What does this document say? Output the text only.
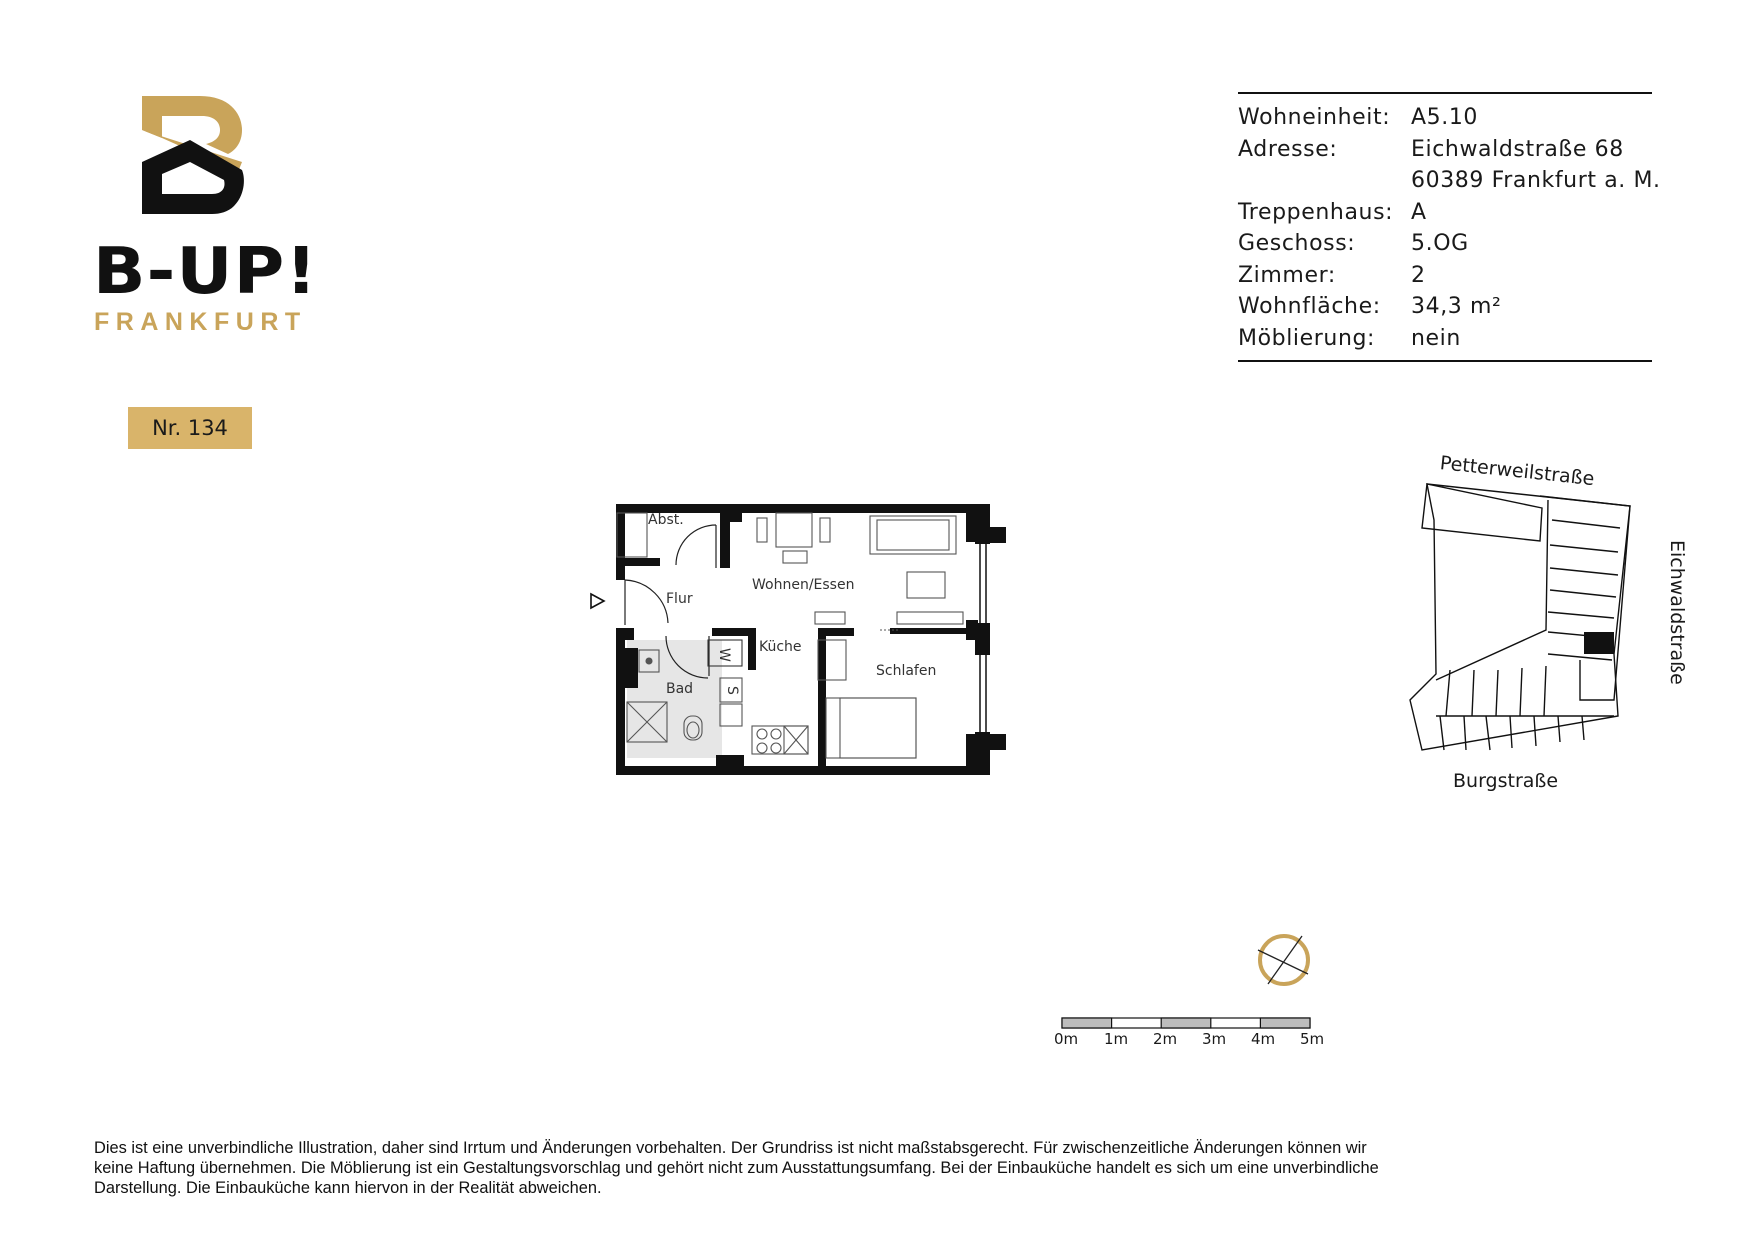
B-UP!
FRANKFURT
Nr. 134
Wohneinheit: A5.10
Adresse:	Eichwaldstraße 68
60389 Frankfurt a. M.
Treppenhaus: A
Geschoss:	5.OG
Zimmer:	2
Wohnfläche:	34,3 m²
Möblierung:	nein
Abst.
Flur
Wohnen/Essen
Küche
Schlafen
Bad
W
S
Petterweilstraße
Eichwaldstraße
Burgstraße
0m 1m 2m 3m 4m 5m
Dies ist eine unverbindliche Illustration, daher sind Irrtum und Änderungen vorbehalten. Der Grundriss ist nicht maßstabsgerecht. Für zwischenzeitliche Änderungen können wir keine Haftung übernehmen. Die Möblierung ist ein Gestaltungsvorschlag und gehört nicht zum Ausstattungsumfang. Bei der Einbauküche handelt es sich um eine unverbindliche Darstellung. Die Einbauküche kann hiervon in der Realität abweichen.
